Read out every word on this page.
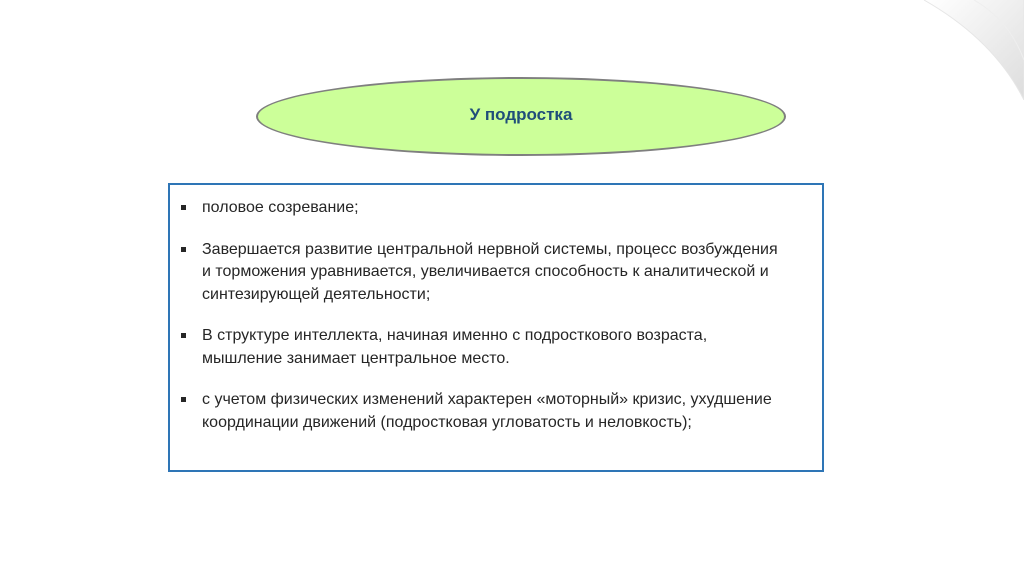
У подростка
половое созревание;
Завершается развитие центральной нервной системы, процесс возбуждения и торможения уравнивается, увеличивается способность к аналитической и синтезирующей деятельности;
В структуре интеллекта, начиная именно с подросткового возраста, мышление занимает центральное место.
с учетом физических изменений характерен «моторный» кризис, ухудшение координации движений (подростковая угловатость и неловкость);
